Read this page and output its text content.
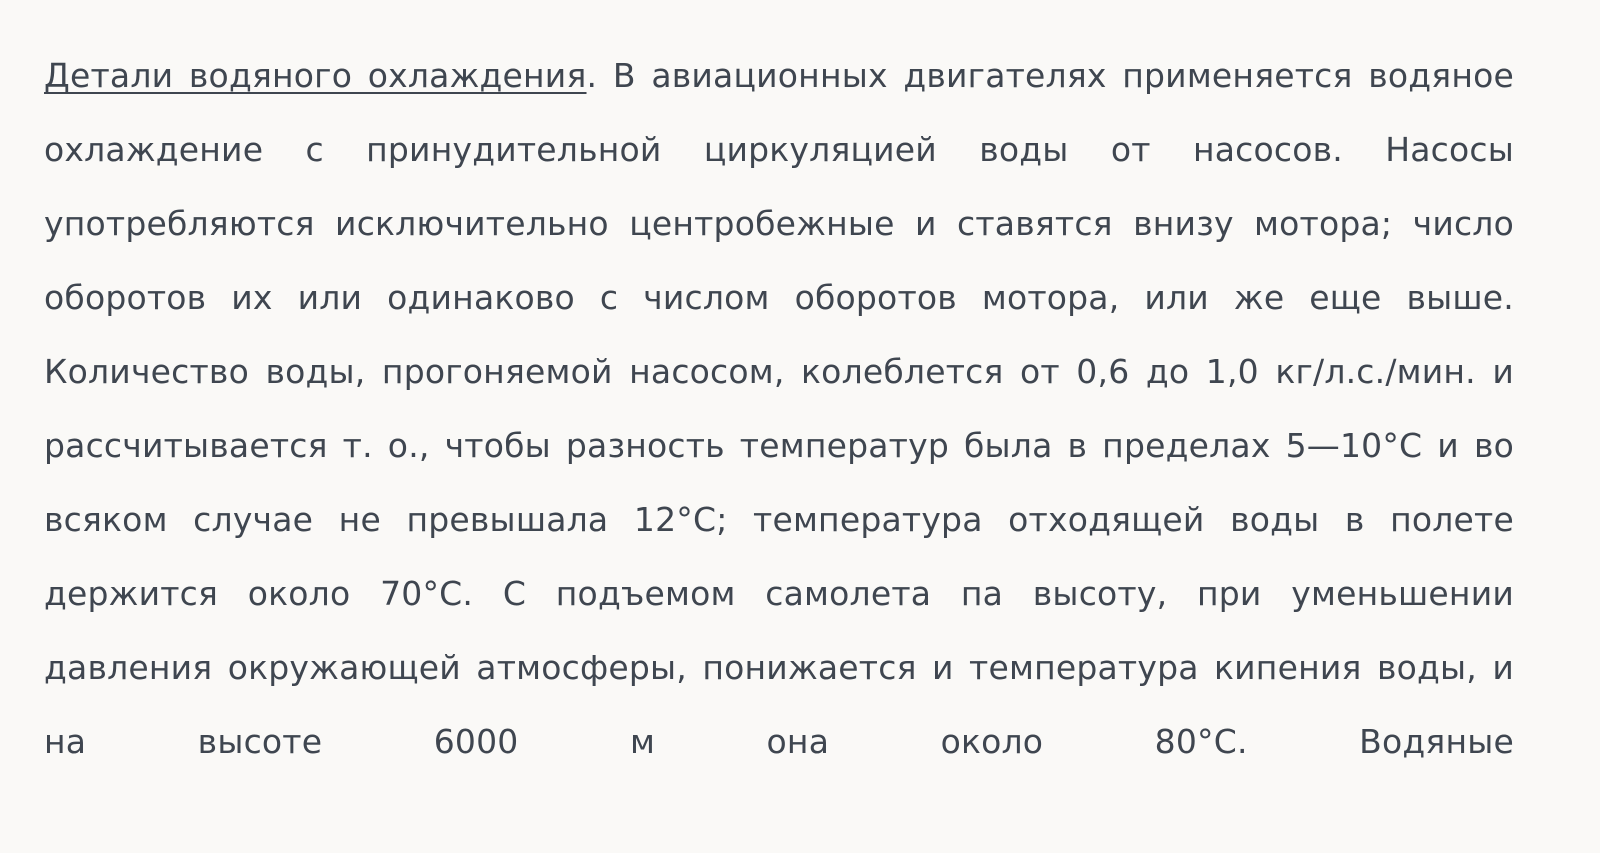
Детали водяного охлаждения. В авиационных двигателях применяется водяное охлаждение с принудительной циркуляцией воды от насосов. Насосы употребляются исключительно центробежные и ставятся внизу мотора; число оборотов их или одинаково с числом оборотов мотора, или же еще выше. Количество воды, прогоняемой насосом, колеблется от 0,6 до 1,0 кг/л.с./мин. и рассчитывается т. о., чтобы разность температур была в пределах 5—10°С и во всяком случае не превышала 12°С; температура отходящей воды в полете держится около 70°С. С подъемом самолета па высоту, при уменьшении давления окружающей атмосферы, понижается и температура кипения воды, и на высоте 6000 м она около 80°С. Водяные
